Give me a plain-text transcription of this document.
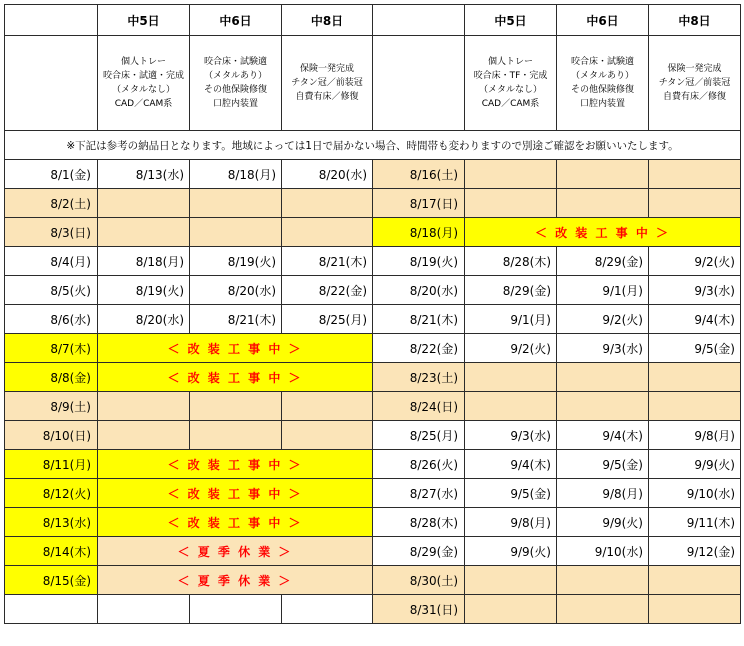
	中5日	中6日	中8日		中5日	中6日	中8日

	個人トレー
咬合床・試適・完成
（メタルなし）
CAD／CAM系	咬合床・試験適
（メタルあり）
その他保険修復
口腔内装置	保険一発完成
チタン冠／前装冠
自費有床／修復		個人トレー
咬合床・TF・完成
（メタルなし）
CAD／CAM系	咬合床・試験適
（メタルあり）
その他保険修復
口腔内装置	保険一発完成
チタン冠／前装冠
自費有床／修復

※下記は参考の納品日となります。地域によっては1日で届かない場合、時間帯も変わりますので別途ご確認をお願いいたします。							
8/1(金)	8/13(水)	8/18(月)	8/20(水)	8/16(土)			
8/2(土)				8/17(日)			
8/3(日)				8/18(月)	＜ 改 装 工 事 中 ＞		
8/4(月)	8/18(月)	8/19(火)	8/21(木)	8/19(火)	8/28(木)	8/29(金)	9/2(火)
8/5(火)	8/19(火)	8/20(水)	8/22(金)	8/20(水)	8/29(金)	9/1(月)	9/3(水)
8/6(水)	8/20(水)	8/21(木)	8/25(月)	8/21(木)	9/1(月)	9/2(火)	9/4(木)
8/7(木)	＜ 改 装 工 事 中 ＞			8/22(金)	9/2(火)	9/3(水)	9/5(金)
8/8(金)	＜ 改 装 工 事 中 ＞			8/23(土)			
8/9(土)				8/24(日)			
8/10(日)				8/25(月)	9/3(水)	9/4(木)	9/8(月)
8/11(月)	＜ 改 装 工 事 中 ＞			8/26(火)	9/4(木)	9/5(金)	9/9(火)
8/12(火)	＜ 改 装 工 事 中 ＞			8/27(水)	9/5(金)	9/8(月)	9/10(水)
8/13(水)	＜ 改 装 工 事 中 ＞			8/28(木)	9/8(月)	9/9(火)	9/11(木)
8/14(木)	＜ 夏 季 休 業 ＞			8/29(金)	9/9(火)	9/10(水)	9/12(金)
8/15(金)	＜ 夏 季 休 業 ＞			8/30(土)			
				8/31(日)			
